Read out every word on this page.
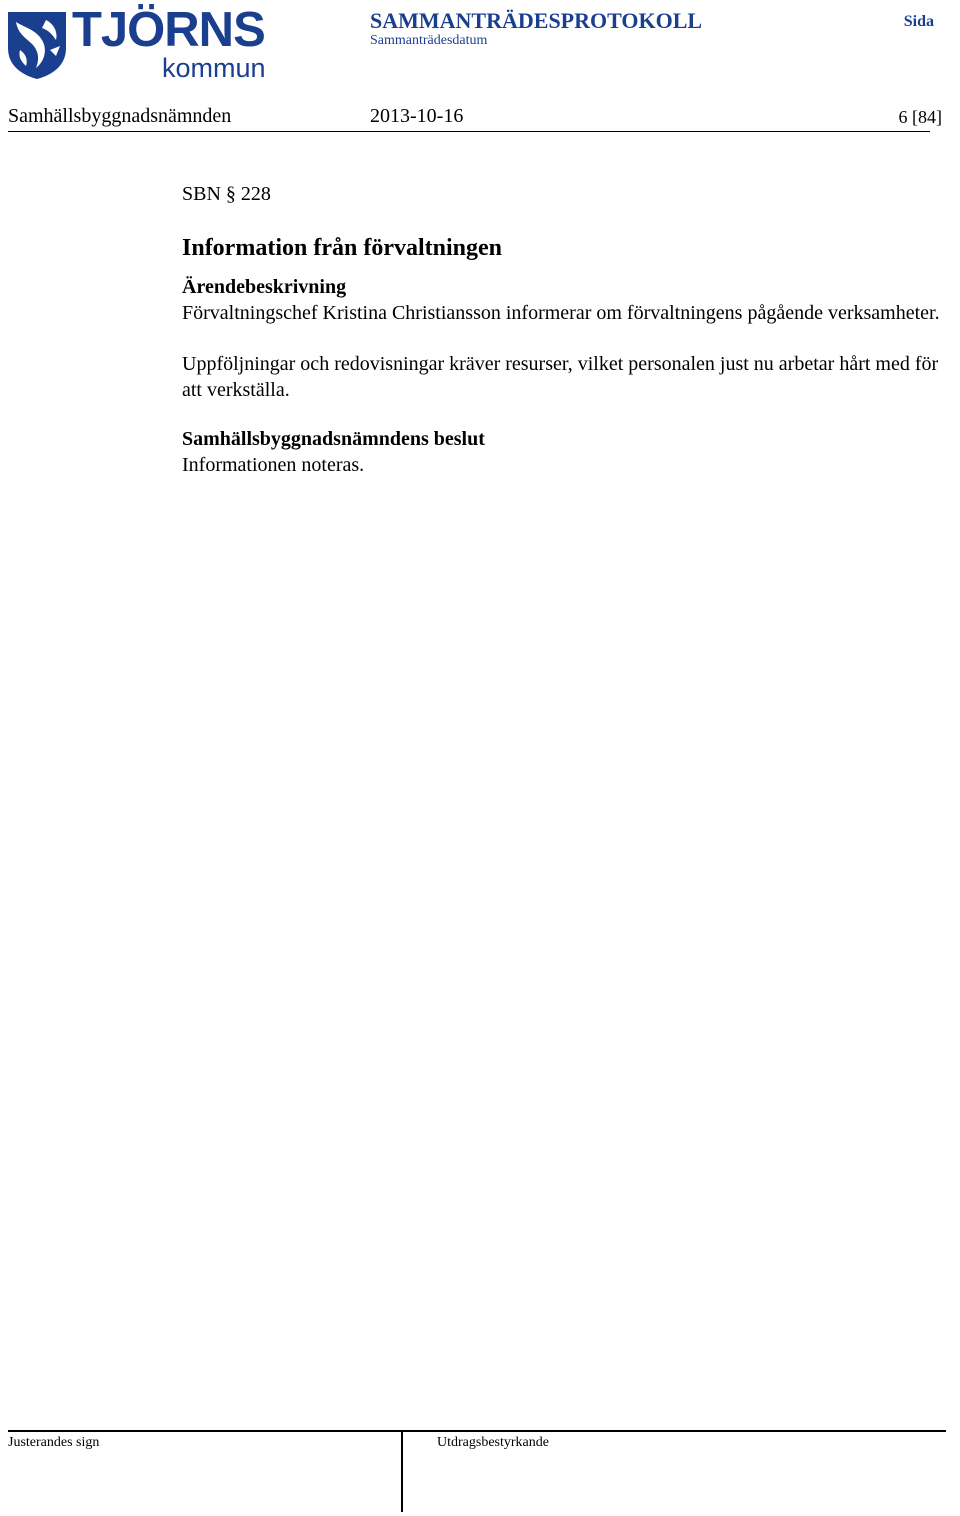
TJÖRNS
kommun
SAMMANTRÄDESPROTOKOLL
Sammanträdesdatum
Sida
Samhällsbyggnadsnämnden	2013-10-16	6 [84]

SBN § 228

Information från förvaltningen
Ärendebeskrivning

Förvaltningschef Kristina Christiansson informerar om förvaltningens pågående verksamheter.

Uppföljningar och redovisningar kräver resurser, vilket personalen just nu arbetar hårt med för att verkställa.

Samhällsbyggnadsnämndens beslut

Informationen noteras.

Justerandes sign	Utdragsbestyrkande
